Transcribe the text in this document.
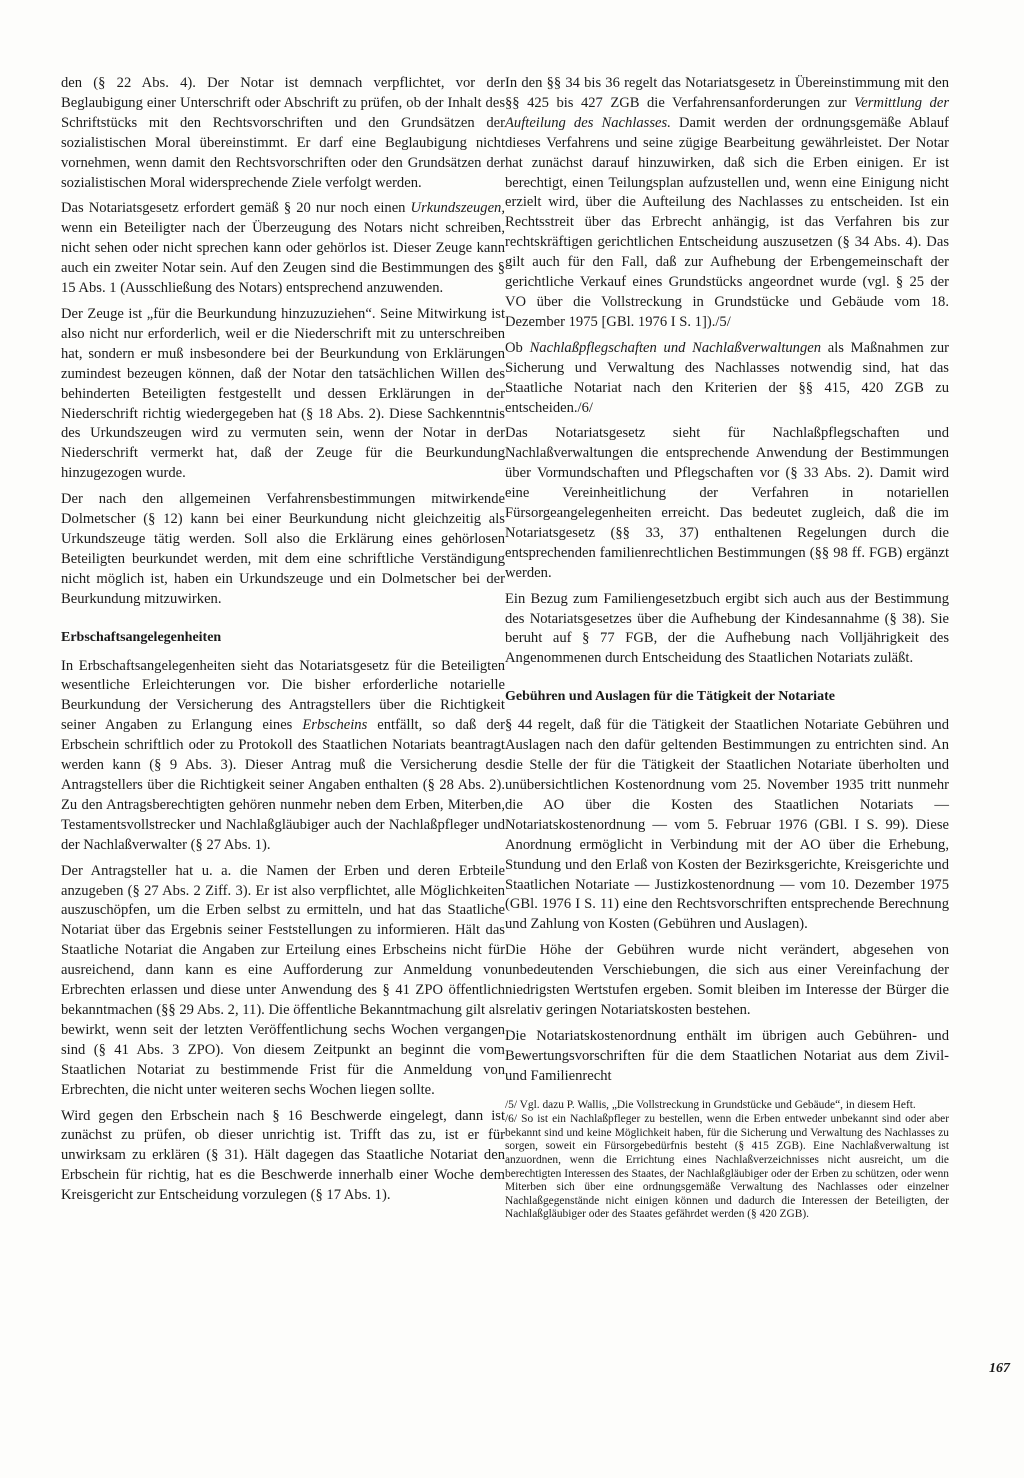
den (§ 22 Abs. 4). Der Notar ist demnach verpflichtet, vor der Beglaubigung einer Unterschrift oder Abschrift zu prüfen, ob der Inhalt des Schriftstücks mit den Rechtsvorschriften und den Grundsätzen der sozialistischen Moral übereinstimmt. Er darf eine Beglaubigung nicht vornehmen, wenn damit den Rechtsvorschriften oder den Grundsätzen der sozialistischen Moral widersprechende Ziele verfolgt werden.

Das Notariatsgesetz erfordert gemäß § 20 nur noch einen Urkundszeugen, wenn ein Beteiligter nach der Überzeugung des Notars nicht schreiben, nicht sehen oder nicht sprechen kann oder gehörlos ist. Dieser Zeuge kann auch ein zweiter Notar sein. Auf den Zeugen sind die Bestimmungen des § 15 Abs. 1 (Ausschließung des Notars) entsprechend anzuwenden.

Der Zeuge ist „für die Beurkundung hinzuzuziehen“. Seine Mitwirkung ist also nicht nur erforderlich, weil er die Niederschrift mit zu unterschreiben hat, sondern er muß insbesondere bei der Beurkundung von Erklärungen zumindest bezeugen können, daß der Notar den tatsächlichen Willen des behinderten Beteiligten festgestellt und dessen Erklärungen in der Niederschrift richtig wiedergegeben hat (§ 18 Abs. 2). Diese Sachkenntnis des Urkundszeugen wird zu vermuten sein, wenn der Notar in der Niederschrift vermerkt hat, daß der Zeuge für die Beurkundung hinzugezogen wurde.

Der nach den allgemeinen Verfahrensbestimmungen mitwirkende Dolmetscher (§ 12) kann bei einer Beurkundung nicht gleichzeitig als Urkundszeuge tätig werden. Soll also die Erklärung eines gehörlosen Beteiligten beurkundet werden, mit dem eine schriftliche Verständigung nicht möglich ist, haben ein Urkundszeuge und ein Dolmetscher bei der Beurkundung mitzuwirken.

Erbschaftsangelegenheiten

In Erbschaftsangelegenheiten sieht das Notariatsgesetz für die Beteiligten wesentliche Erleichterungen vor. Die bisher erforderliche notarielle Beurkundung der Versicherung des Antragstellers über die Richtigkeit seiner Angaben zu Erlangung eines Erbscheins entfällt, so daß der Erbschein schriftlich oder zu Protokoll des Staatlichen Notariats beantragt werden kann (§ 9 Abs. 3). Dieser Antrag muß die Versicherung des Antragstellers über die Richtigkeit seiner Angaben enthalten (§ 28 Abs. 2). Zu den Antragsberechtigten gehören nunmehr neben dem Erben, Miterben, Testamentsvollstrecker und Nachlaßgläubiger auch der Nachlaßpfleger und der Nachlaßverwalter (§ 27 Abs. 1).

Der Antragsteller hat u. a. die Namen der Erben und deren Erbteile anzugeben (§ 27 Abs. 2 Ziff. 3). Er ist also verpflichtet, alle Möglichkeiten auszuschöpfen, um die Erben selbst zu ermitteln, und hat das Staatliche Notariat über das Ergebnis seiner Feststellungen zu informieren. Hält das Staatliche Notariat die Angaben zur Erteilung eines Erbscheins nicht für ausreichend, dann kann es eine Aufforderung zur Anmeldung von Erbrechten erlassen und diese unter Anwendung des § 41 ZPO öffentlich bekanntmachen (§§ 29 Abs. 2, 11). Die öffentliche Bekanntmachung gilt als bewirkt, wenn seit der letzten Veröffentlichung sechs Wochen vergangen sind (§ 41 Abs. 3 ZPO). Von diesem Zeitpunkt an beginnt die vom Staatlichen Notariat zu bestimmende Frist für die Anmeldung von Erbrechten, die nicht unter weiteren sechs Wochen liegen sollte.

Wird gegen den Erbschein nach § 16 Beschwerde eingelegt, dann ist zunächst zu prüfen, ob dieser unrichtig ist. Trifft das zu, ist er für unwirksam zu erklären (§ 31). Hält dagegen das Staatliche Notariat den Erbschein für richtig, hat es die Beschwerde innerhalb einer Woche dem Kreisgericht zur Entscheidung vorzulegen (§ 17 Abs. 1).

In den §§ 34 bis 36 regelt das Notariatsgesetz in Übereinstimmung mit den §§ 425 bis 427 ZGB die Verfahrensanforderungen zur Vermittlung der Aufteilung des Nachlasses. Damit werden der ordnungsgemäße Ablauf dieses Verfahrens und seine zügige Bearbeitung gewährleistet. Der Notar hat zunächst darauf hinzuwirken, daß sich die Erben einigen. Er ist berechtigt, einen Teilungsplan aufzustellen und, wenn eine Einigung nicht erzielt wird, über die Aufteilung des Nachlasses zu entscheiden. Ist ein Rechtsstreit über das Erbrecht anhängig, ist das Verfahren bis zur rechtskräftigen gerichtlichen Entscheidung auszusetzen (§ 34 Abs. 4). Das gilt auch für den Fall, daß zur Aufhebung der Erbengemeinschaft der gerichtliche Verkauf eines Grundstücks angeordnet wurde (vgl. § 25 der VO über die Vollstreckung in Grundstücke und Gebäude vom 18. Dezember 1975 [GBl. 1976 I S. 1])./5/

Ob Nachlaßpflegschaften und Nachlaßverwaltungen als Maßnahmen zur Sicherung und Verwaltung des Nachlasses notwendig sind, hat das Staatliche Notariat nach den Kriterien der §§ 415, 420 ZGB zu entscheiden./6/

Das Notariatsgesetz sieht für Nachlaßpflegschaften und Nachlaßverwaltungen die entsprechende Anwendung der Bestimmungen über Vormundschaften und Pflegschaften vor (§ 33 Abs. 2). Damit wird eine Vereinheitlichung der Verfahren in notariellen Fürsorgeangelegenheiten erreicht. Das bedeutet zugleich, daß die im Notariatsgesetz (§§ 33, 37) enthaltenen Regelungen durch die entsprechenden familienrechtlichen Bestimmungen (§§ 98 ff. FGB) ergänzt werden.

Ein Bezug zum Familiengesetzbuch ergibt sich auch aus der Bestimmung des Notariatsgesetzes über die Aufhebung der Kindesannahme (§ 38). Sie beruht auf § 77 FGB, der die Aufhebung nach Volljährigkeit des Angenommenen durch Entscheidung des Staatlichen Notariats zuläßt.

Gebühren und Auslagen für die Tätigkeit der Notariate

§ 44 regelt, daß für die Tätigkeit der Staatlichen Notariate Gebühren und Auslagen nach den dafür geltenden Bestimmungen zu entrichten sind. An die Stelle der für die Tätigkeit der Staatlichen Notariate überholten und unübersichtlichen Kostenordnung vom 25. November 1935 tritt nunmehr die AO über die Kosten des Staatlichen Notariats — Notariatskostenordnung — vom 5. Februar 1976 (GBl. I S. 99). Diese Anordnung ermöglicht in Verbindung mit der AO über die Erhebung, Stundung und den Erlaß von Kosten der Bezirksgerichte, Kreisgerichte und Staatlichen Notariate — Justizkostenordnung — vom 10. Dezember 1975 (GBl. 1976 I S. 11) eine den Rechtsvorschriften entsprechende Berechnung und Zahlung von Kosten (Gebühren und Auslagen).

Die Höhe der Gebühren wurde nicht verändert, abgesehen von unbedeutenden Verschiebungen, die sich aus einer Vereinfachung der niedrigsten Wertstufen ergeben. Somit bleiben im Interesse der Bürger die relativ geringen Notariatskosten bestehen.

Die Notariatskostenordnung enthält im übrigen auch Gebühren- und Bewertungsvorschriften für die dem Staatlichen Notariat aus dem Zivil- und Familienrecht

/5/ Vgl. dazu P. Wallis, „Die Vollstreckung in Grundstücke und Gebäude“, in diesem Heft.

/6/ So ist ein Nachlaßpfleger zu bestellen, wenn die Erben entweder unbekannt sind oder aber bekannt sind und keine Möglichkeit haben, für die Sicherung und Verwaltung des Nachlasses zu sorgen, soweit ein Fürsorgebedürfnis besteht (§ 415 ZGB). Eine Nachlaßverwaltung ist anzuordnen, wenn die Errichtung eines Nachlaßverzeichnisses nicht ausreicht, um die berechtigten Interessen des Staates, der Nachlaßgläubiger oder der Erben zu schützen, oder wenn Miterben sich über eine ordnungsgemäße Verwaltung des Nachlasses oder einzelner Nachlaßgegenstände nicht einigen können und dadurch die Interessen der Beteiligten, der Nachlaßgläubiger oder des Staates gefährdet werden (§ 420 ZGB).

167
